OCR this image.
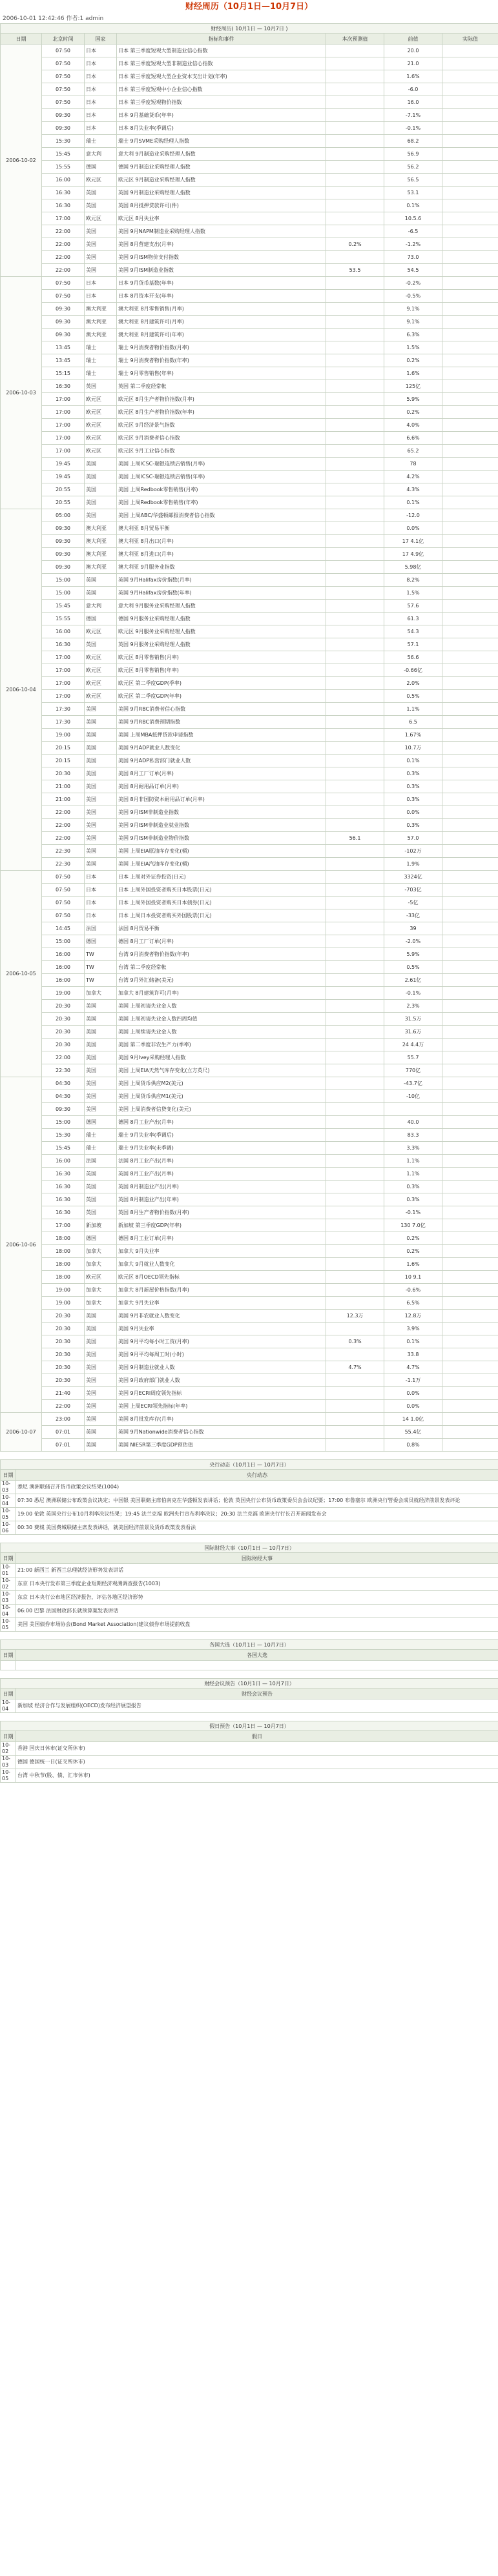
财经周历（10月1日—10月7日）
2006-10-01 12:42:46 作者:1 admin
财经周历( 10月1日 — 10月7日 )						
日期	北京时间	国家	指标和事件	本次预测值	前值	实际值
2006-10-02	07:50	日本	日本 第三季度短观大型制造业信心指数		20.0	
	07:50	日本	日本 第三季度短观大型非制造业信心指数		21.0	
	07:50	日本	日本 第三季度短观大型企业资本支出计划(年率)		1.6%	
	07:50	日本	日本 第三季度短观中小企业信心指数		-6.0	
	07:50	日本	日本 第三季度短观物价指数		16.0	
	09:30	日本	日本 9月基础货币(年率)		-7.1%	
	09:30	日本	日本 8月失业率(季调后)		-0.1%	
	15:30	瑞士	瑞士 9月SVME采购经理人指数		68.2	
	15:45	意大利	意大利 9月制造业采购经理人指数		56.9	
	15:55	德国	德国 9月制造业采购经理人指数		56.2	
	16:00	欧元区	欧元区 9月制造业采购经理人指数		56.5	
	16:30	英国	英国 9月制造业采购经理人指数		53.1	
	16:30	英国	英国 8月抵押贷款许可(件)		0.1%	
	17:00	欧元区	欧元区 8月失业率		10.5.6	
	22:00	美国	美国 9月NAPM制造业采购经理人指数		-6.5	
	22:00	美国	美国 8月营建支出(月率)	0.2%	-1.2%	
	22:00	美国	美国 9月ISM物价支付指数		73.0	
	22:00	美国	美国 9月ISM制造业指数	53.5	54.5	
2006-10-03	07:50	日本	日本 9月货币基数(年率)		-0.2%	
	07:50	日本	日本 8月资本开支(年率)		-0.5%	
	09:30	澳大利亚	澳大利亚 8月零售销售(月率)		9.1%	
	09:30	澳大利亚	澳大利亚 8月建筑许可(月率)		9.1%	
	09:30	澳大利亚	澳大利亚 8月建筑许可(年率)		6.3%	
	13:45	瑞士	瑞士 9月消费者物价指数(月率)		1.5%	
	13:45	瑞士	瑞士 9月消费者物价指数(年率)		0.2%	
	15:15	瑞士	瑞士 9月零售销售(年率)		1.6%	
	16:30	英国	英国 第二季度经常帐		125亿	
	17:00	欧元区	欧元区 8月生产者物价指数(月率)		5.9%	
	17:00	欧元区	欧元区 8月生产者物价指数(年率)		0.2%	
	17:00	欧元区	欧元区 9月经济景气指数		4.0%	
	17:00	欧元区	欧元区 9月消费者信心指数		6.6%	
	17:00	欧元区	欧元区 9月工业信心指数		65.2	
	19:45	美国	美国 上周ICSC-瑞银连锁店销售(月率)		78	
	19:45	美国	美国 上周ICSC-瑞银连锁店销售(年率)		4.2%	
	20:55	美国	美国 上周Redbook零售销售(月率)		4.3%	
	20:55	美国	美国 上周Redbook零售销售(年率)		0.1%	
2006-10-04	05:00	美国	美国 上周ABC/华盛顿邮报消费者信心指数		-12.0	
	09:30	澳大利亚	澳大利亚 8月贸易平衡		0.0%	
	09:30	澳大利亚	澳大利亚 8月出口(月率)		17 4.1亿	
	09:30	澳大利亚	澳大利亚 8月进口(月率)		17 4.9亿	
	09:30	澳大利亚	澳大利亚 9月服务业指数		5.98亿	
	15:00	英国	英国 9月Halifax房价指数(月率)		8.2%	
	15:00	英国	英国 9月Halifax房价指数(年率)		1.5%	
	15:45	意大利	意大利 9月服务业采购经理人指数		57.6	
	15:55	德国	德国 9月服务业采购经理人指数		61.3	
	16:00	欧元区	欧元区 9月服务业采购经理人指数		54.3	
	16:30	英国	英国 9月服务业采购经理人指数		57.1	
	17:00	欧元区	欧元区 8月零售销售(月率)		56.6	
	17:00	欧元区	欧元区 8月零售销售(年率)		-0.66亿	
	17:00	欧元区	欧元区 第二季度GDP(季率)		2.0%	
	17:00	欧元区	欧元区 第二季度GDP(年率)		0.5%	
	17:30	美国	美国 9月RBC消费者信心指数		1.1%	
	17:30	美国	美国 9月RBC消费预期指数		6.5	
	19:00	美国	美国 上周MBA抵押贷款申请指数		1.67%	
	20:15	美国	美国 9月ADP就业人数变化		10.7万	
	20:15	美国	美国 9月ADP私营部门就业人数		0.1%	
	20:30	美国	美国 8月工厂订单(月率)		0.3%	
	21:00	美国	美国 8月耐用品订单(月率)		0.3%	
	21:00	美国	美国 8月非国防资本耐用品订单(月率)		0.3%	
	22:00	美国	美国 9月ISM非制造业指数		0.0%	
	22:00	美国	美国 9月ISM非制造业就业指数		0.3%	
	22:00	美国	美国 9月ISM非制造业物价指数	56.1	57.0	
	22:30	美国	美国 上周EIA原油库存变化(桶)		-102万	
	22:30	美国	美国 上周EIA汽油库存变化(桶)		1.9%	
2006-10-05	07:50	日本	日本 上周对外证券投资(日元)		3324亿	
	07:50	日本	日本 上周外国投资者购买日本股票(日元)		-703亿	
	07:50	日本	日本 上周外国投资者购买日本债券(日元)		-5亿	
	07:50	日本	日本 上周日本投资者购买外国股票(日元)		-33亿	
	14:45	法国	法国 8月贸易平衡		39	
	15:00	德国	德国 8月工厂订单(月率)		-2.0%	
	16:00	TW	台湾 9月消费者物价指数(年率)		5.9%	
	16:00	TW	台湾 第二季度经常帐		0.5%	
	16:00	TW	台湾 9月外汇储备(美元)		2.61亿	
	19:00	加拿大	加拿大 8月建筑许可(月率)		-0.1%	
	20:30	美国	美国 上周初请失业金人数		2.3%	
	20:30	美国	美国 上周初请失业金人数四周均值		31.5万	
	20:30	美国	美国 上周续请失业金人数		31.6万	
	20:30	美国	美国 第二季度非农生产力(季率)		24 4.4万	
	22:00	美国	美国 9月Ivey采购经理人指数		55.7	
	22:30	美国	美国 上周EIA天然气库存变化(立方英尺)		770亿	
2006-10-06	04:30	美国	美国 上周货币供应M2(美元)		-43.7亿	
	04:30	美国	美国 上周货币供应M1(美元)		-10亿	
	09:30	美国	美国 上周消费者信贷变化(美元)			
	15:00	德国	德国 8月工业产出(月率)		40.0	
	15:30	瑞士	瑞士 9月失业率(季调后)		83.3	
	15:45	瑞士	瑞士 9月失业率(未季调)		3.3%	
	16:00	法国	法国 8月工业产出(月率)		1.1%	
	16:30	英国	英国 8月工业产出(月率)		1.1%	
	16:30	英国	英国 8月制造业产出(月率)		0.3%	
	16:30	英国	英国 8月制造业产出(年率)		0.3%	
	16:30	英国	英国 8月生产者物价指数(月率)		-0.1%	
	17:00	新加坡	新加坡 第三季度GDP(年率)		130 7.0亿	
	18:00	德国	德国 8月工业订单(月率)		0.2%	
	18:00	加拿大	加拿大 9月失业率		0.2%	
	18:00	加拿大	加拿大 9月就业人数变化		1.6%	
	18:00	欧元区	欧元区 8月OECD领先指标		10 9.1	
	19:00	加拿大	加拿大 8月新屋价格指数(月率)		-0.6%	
	19:00	加拿大	加拿大 9月失业率		6.5%	
	20:30	美国	美国 9月非农就业人数变化	12.3万	12.8万	
	20:30	美国	美国 9月失业率		3.9%	
	20:30	美国	美国 9月平均每小时工资(月率)	0.3%	0.1%	
	20:30	美国	美国 9月平均每周工时(小时)		33.8	
	20:30	美国	美国 9月制造业就业人数	4.7%	4.7%	
	20:30	美国	美国 9月政府部门就业人数		-1.1万	
	21:40	美国	美国 9月ECRI周度领先指标		0.0%	
	22:00	美国	美国 上周ECRI领先指标(年率)		0.0%	
2006-10-07	23:00	美国	美国 8月批发库存(月率)		14 1.0亿	
	07:01	英国	英国 9月Nationwide消费者信心指数		55.4亿	
	07:01	美国	美国 NIESR第三季度GDP预估值		0.8%	
央行动态（10月1日 — 10月7日）	
日期	央行动态
10-03	悉尼 澳洲联储召开货币政策会议结果(1004)
10-04	07:30 悉尼 澳洲联储公布政策会议决定；中国银 美国联储主席伯南克在华盛顿发表讲话；伦敦 英国央行公布货币政策委员会会议纪要；17:00 布鲁塞尔 欧洲央行管委会成员就经济前景发表评论
10-05	19:00 伦敦 英国央行公布10月利率决议结果；19:45 法兰克福 欧洲央行宣布利率决议；20:30 法兰克福 欧洲央行行长召开新闻发布会
10-06	00:30 费城 美国费城联储主席发表讲话，就美国经济前景及货币政策发表看法
国际财经大事（10月1日 — 10月7日）	
日期	国际财经大事
10-01	21:00 新西兰 新西兰总理就经济形势发表讲话
10-02	东京 日本央行发布第三季度企业短期经济观测调查报告(1003)
10-03	东京 日本央行公布地区经济报告，评估各地区经济形势
10-04	06:00 巴黎 法国财政部长就预算案发表讲话
10-05	美国 美国债券市场协会(Bond Market Association)建议债券市场提前收盘
各国大选（10月1日 — 10月7日）	
日期	各国大选

财经会议预告（10月1日 — 10月7日）	
日期	财经会议预告
10-04	新加坡 经济合作与发展组织(OECD)发布经济展望报告
假日预告（10月1日 — 10月7日）	
日期	假日
10-02	香港 国庆日休市(证交所休市)
10-03	德国 德国统一日(证交所休市)
10-05	台湾 中秋节(股、债、汇市休市)
